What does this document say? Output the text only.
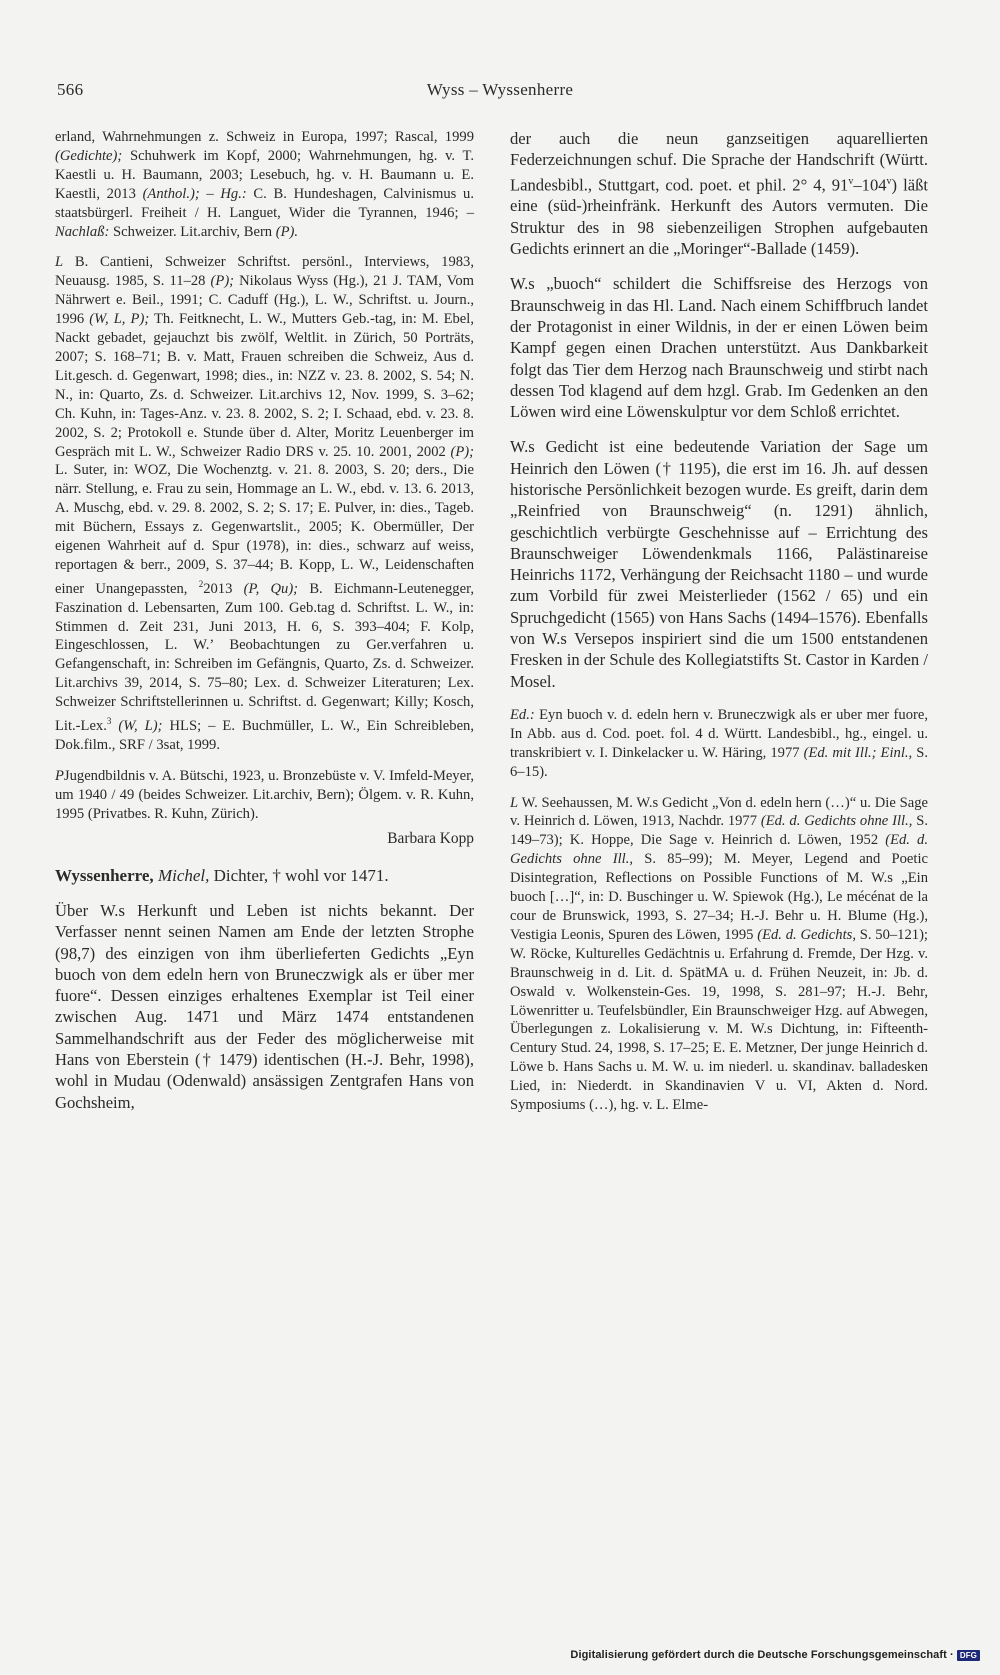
566	Wyss – Wyssenherre

erland, Wahrnehmungen z. Schweiz in Europa, 1997; Rascal, 1999 (Gedichte); Schuhwerk im Kopf, 2000; Wahrnehmungen, hg. v. T. Kaestli u. H. Baumann, 2003; Lesebuch, hg. v. H. Baumann u. E. Kaestli, 2013 (Anthol.); – Hg.: C. B. Hundeshagen, Calvinismus u. staatsbürgerl. Freiheit / H. Languet, Wider die Tyrannen, 1946; – Nachlaß: Schweizer. Lit.archiv, Bern (P).

L B. Cantieni, Schweizer Schriftst. persönl., Interviews, 1983, Neuausg. 1985, S. 11–28 (P); Nikolaus Wyss (Hg.), 21 J. TAM, Vom Nährwert e. Beil., 1991; C. Caduff (Hg.), L. W., Schriftst. u. Journ., 1996 (W, L, P); Th. Feitknecht, L. W., Mutters Geb.-tag, in: M. Ebel, Nackt gebadet, gejauchzt bis zwölf, Weltlit. in Zürich, 50 Porträts, 2007; S. 168–71; B. v. Matt, Frauen schreiben die Schweiz, Aus d. Lit.gesch. d. Gegenwart, 1998; dies., in: NZZ v. 23. 8. 2002, S. 54; N. N., in: Quarto, Zs. d. Schweizer. Lit.archivs 12, Nov. 1999, S. 3–62; Ch. Kuhn, in: Tages-Anz. v. 23. 8. 2002, S. 2; I. Schaad, ebd. v. 23. 8. 2002, S. 2; Protokoll e. Stunde über d. Alter, Moritz Leuenberger im Gespräch mit L. W., Schweizer Radio DRS v. 25. 10. 2001, 2002 (P); L. Suter, in: WOZ, Die Wochenztg. v. 21. 8. 2003, S. 20; ders., Die närr. Stellung, e. Frau zu sein, Hommage an L. W., ebd. v. 13. 6. 2013, A. Muschg, ebd. v. 29. 8. 2002, S. 2; S. 17; E. Pulver, in: dies., Tageb. mit Büchern, Essays z. Gegenwartslit., 2005; K. Obermüller, Der eigenen Wahrheit auf d. Spur (1978), in: dies., schwarz auf weiss, reportagen & berr., 2009, S. 37–44; B. Kopp, L. W., Leidenschaften einer Unangepassten, $^2$2013 (P, Qu); B. Eichmann-Leutenegger, Faszination d. Lebensarten, Zum 100. Geb.tag d. Schriftst. L. W., in: Stimmen d. Zeit 231, Juni 2013, H. 6, S. 393–404; F. Kolp, Eingeschlossen, L. W.’ Beobachtungen zu Ger.verfahren u. Gefangenschaft, in: Schreiben im Gefängnis, Quarto, Zs. d. Schweizer. Lit.archivs 39, 2014, S. 75–80; Lex. d. Schweizer Literaturen; Lex. Schweizer Schriftstellerinnen u. Schriftst. d. Gegenwart; Killy; Kosch, Lit.-Lex.$^3$ (W, L); HLS; – E. Buchmüller, L. W., Ein Schreibleben, Dok.film., SRF / 3sat, 1999.

PJugendbildnis v. A. Bütschi, 1923, u. Bronzebüste v. V. Imfeld-Meyer, um 1940 / 49 (beides Schweizer. Lit.archiv, Bern); Ölgem. v. R. Kuhn, 1995 (Privatbes. R. Kuhn, Zürich).

Barbara Kopp

Wyssenherre, Michel, Dichter, † wohl vor 1471.

Über W.s Herkunft und Leben ist nichts bekannt. Der Verfasser nennt seinen Namen am Ende der letzten Strophe (98,7) des einzigen von ihm überlieferten Gedichts „Eyn buoch von dem edeln hern von Bruneczwigk als er über mer fuore“. Dessen einziges erhaltenes Exemplar ist Teil einer zwischen Aug. 1471 und März 1474 entstandenen Sammelhandschrift aus der Feder des möglicherweise mit Hans von Eberstein († 1479) identischen (H.-J. Behr, 1998), wohl in Mudau (Odenwald) ansässigen Zentgrafen Hans von Gochsheim,

der auch die neun ganzseitigen aquarellierten Federzeichnungen schuf. Die Sprache der Handschrift (Württ. Landesbibl., Stuttgart, cod. poet. et phil. 2° 4, 91$^v$–104$^v$) läßt eine (süd-)rheinfränk. Herkunft des Autors vermuten. Die Struktur des in 98 siebenzeiligen Strophen aufgebauten Gedichts erinnert an die „Moringer“-Ballade (1459).

W.s „buoch“ schildert die Schiffsreise des Herzogs von Braunschweig in das Hl. Land. Nach einem Schiffbruch landet der Protagonist in einer Wildnis, in der er einen Löwen beim Kampf gegen einen Drachen unterstützt. Aus Dankbarkeit folgt das Tier dem Herzog nach Braunschweig und stirbt nach dessen Tod klagend auf dem hzgl. Grab. Im Gedenken an den Löwen wird eine Löwenskulptur vor dem Schloß errichtet.

W.s Gedicht ist eine bedeutende Variation der Sage um Heinrich den Löwen († 1195), die erst im 16. Jh. auf dessen historische Persönlichkeit bezogen wurde. Es greift, darin dem „Reinfried von Braunschweig“ (n. 1291) ähnlich, geschichtlich verbürgte Geschehnisse auf – Errichtung des Braunschweiger Löwendenkmals 1166, Palästinareise Heinrichs 1172, Verhängung der Reichsacht 1180 – und wurde zum Vorbild für zwei Meisterlieder (1562 / 65) und ein Spruchgedicht (1565) von Hans Sachs (1494–1576). Ebenfalls von W.s Versepos inspiriert sind die um 1500 entstandenen Fresken in der Schule des Kollegiatstifts St. Castor in Karden / Mosel.

Ed.: Eyn buoch v. d. edeln hern v. Bruneczwigk als er uber mer fuore, In Abb. aus d. Cod. poet. fol. 4 d. Württ. Landesbibl., hg., eingel. u. transkribiert v. I. Dinkelacker u. W. Häring, 1977 (Ed. mit Ill.; Einl., S. 6–15).

L W. Seehaussen, M. W.s Gedicht „Von d. edeln hern (…)“ u. Die Sage v. Heinrich d. Löwen, 1913, Nachdr. 1977 (Ed. d. Gedichts ohne Ill., S. 149–73); K. Hoppe, Die Sage v. Heinrich d. Löwen, 1952 (Ed. d. Gedichts ohne Ill., S. 85–99); M. Meyer, Legend and Poetic Disintegration, Reflections on Possible Functions of M. W.s „Ein buoch […]“, in: D. Buschinger u. W. Spiewok (Hg.), Le mécénat de la cour de Brunswick, 1993, S. 27–34; H.-J. Behr u. H. Blume (Hg.), Vestigia Leonis, Spuren des Löwen, 1995 (Ed. d. Gedichts, S. 50–121); W. Röcke, Kulturelles Gedächtnis u. Erfahrung d. Fremde, Der Hzg. v. Braunschweig in d. Lit. d. SpätMA u. d. Frühen Neuzeit, in: Jb. d. Oswald v. Wolkenstein-Ges. 19, 1998, S. 281–97; H.-J. Behr, Löwenritter u. Teufelsbündler, Ein Braunschweiger Hzg. auf Abwegen, Überlegungen z. Lokalisierung v. M. W.s Dichtung, in: Fifteenth-Century Stud. 24, 1998, S. 17–25; E. E. Metzner, Der junge Heinrich d. Löwe b. Hans Sachs u. M. W. u. im niederl. u. skandinav. balladesken Lied, in: Niederdt. in Skandinavien V u. VI, Akten d. Nord. Symposiums (…), hg. v. L. Elme-

Digitalisierung gefördert durch die Deutsche Forschungsgemeinschaft · DFG
